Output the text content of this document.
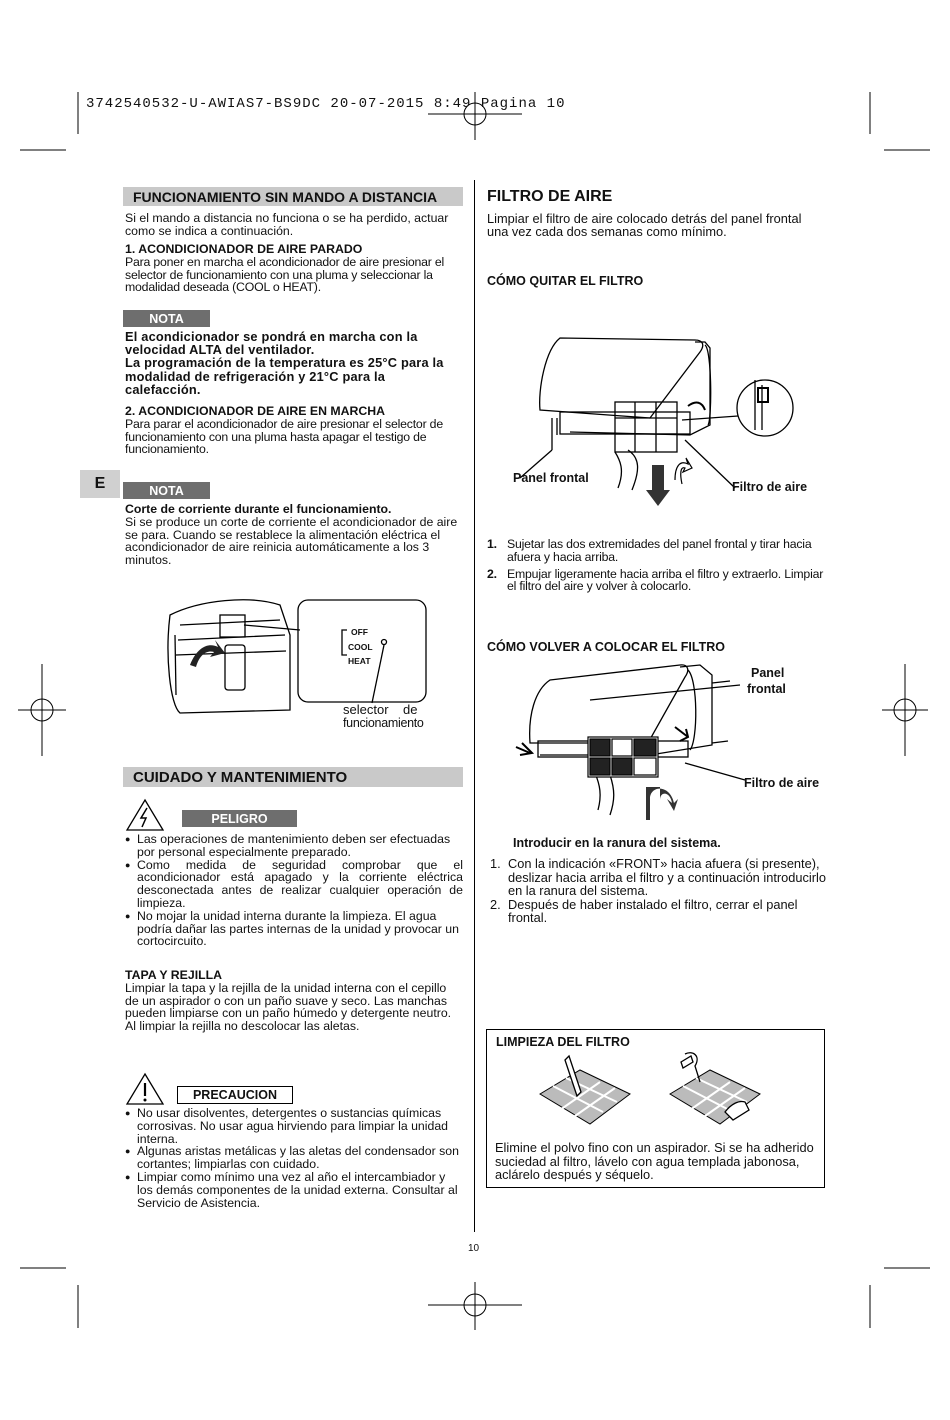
3742540532-U-AWIAS7-BS9DC 20-07-2015 8:49 Pagina 10
E
FUNCIONAMIENTO SIN MANDO A DISTANCIA
Si el mando a distancia no funciona o se ha perdido, actuar como se indica a continuación.

1. ACONDICIONADOR DE AIRE PARADO

Para poner en marcha el acondicionador de aire presionar el selector de funcionamiento con una pluma y seleccionar la modalidad deseada (COOL o HEAT).

NOTA

El acondicionador se pondrá en marcha con la velocidad ALTA del ventilador.

La programación de la temperatura es 25°C para la modalidad de refrigeración y 21°C para la calefacción.

2. ACONDICIONADOR DE AIRE EN MARCHA

Para parar el acondicionador de aire presionar el selector de funcionamiento con una pluma hasta apagar el testigo de funcionamiento.

NOTA

Corte de corriente durante el funcionamiento.

Si se produce un corte de corriente el acondicionador de aire se para. Cuando se restablece la alimentación eléctrica el acondicionador de aire reinicia automáticamente a los 3 minutos.

OFF
COOL
HEAT
selector    de
funcionamiento
CUIDADO Y MANTENIMIENTO
PELIGRO
● Las operaciones de mantenimiento deben ser efectuadas por personal especialmente preparado.
● Como medida de seguridad comprobar que el acondicionador está apagado y la corriente eléctrica desconectada antes de realizar cualquier operación de limpieza.
● No mojar la unidad interna durante la limpieza. El agua podría dañar las partes internas de la unidad y provocar un cortocircuito.

TAPA Y REJILLA

Limpiar la tapa y la rejilla de la unidad interna con el cepillo de un aspirador o con un paño suave y seco. Las manchas pueden limpiarse con un paño húmedo y detergente neutro. Al limpiar la rejilla no descolocar las aletas.

PRECAUCION
● No usar disolventes, detergentes o sustancias químicas corrosivas. No usar agua hirviendo para limpiar la unidad interna.
● Algunas aristas metálicas y las aletas del condensador son cortantes; limpiarlas con cuidado.
● Limpiar como mínimo una vez al año el intercambiador y los demás componentes de la unidad externa. Consultar al Servicio de Asistencia.
FILTRO DE AIRE
Limpiar el filtro de aire colocado detrás del panel frontal una vez cada dos semanas como mínimo.
CÓMO QUITAR EL FILTRO
Panel frontal
Filtro de aire
1. Sujetar las dos extremidades del panel frontal y tirar hacia afuera y hacia arriba.
2. Empujar ligeramente hacia arriba el filtro y extraerlo. Limpiar el filtro del aire y volver à colocarlo.
CÓMO VOLVER A COLOCAR EL FILTRO
Panel
frontal
Filtro de aire
Introducir en la ranura del sistema.
1. Con la indicación «FRONT» hacia afuera (si presente), deslizar hacia arriba el filtro y a continuación introducirlo en la ranura del sistema.
2. Después de haber instalado el filtro, cerrar el panel frontal.
LIMPIEZA DEL FILTRO
Elimine el polvo fino con un aspirador. Si se ha adherido suciedad al filtro, lávelo con agua templada jabonosa, aclárelo después y séquelo.
10
